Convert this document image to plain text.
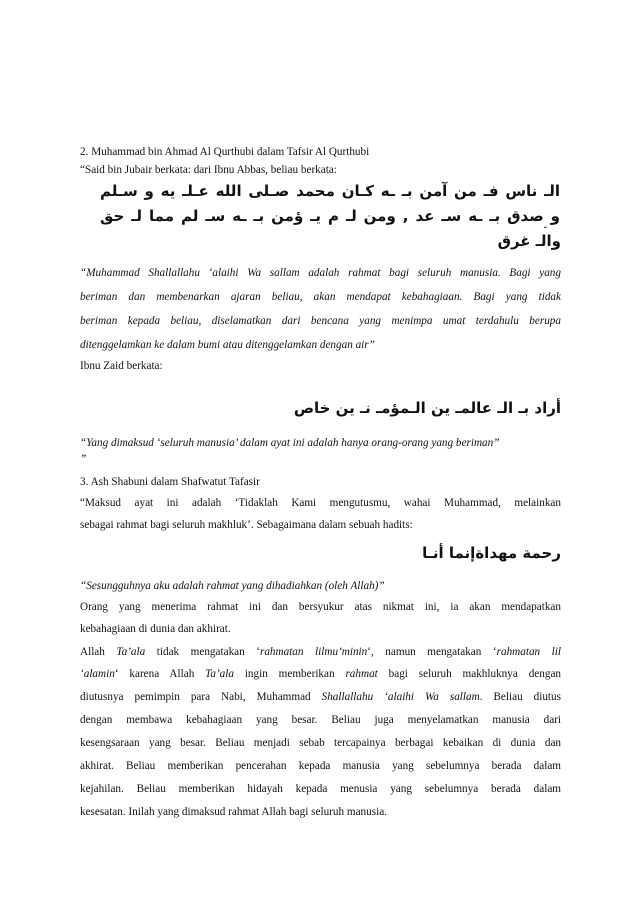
2. Muhammad bin Ahmad Al Qurthubi dalam Tafsir Al Qurthubi

“Said bin Jubair berkata: dari Ibnu Abbas, beliau berkata:

الـ ناس فـ من آمن بـ ـه كـان محمد صـلى الله عـلـ يه و سـلم
و صدق بـ ـه سـ عد , ومن لـ م يـ ؤمن بـ ـه سـ لم مما لـ حق
والـ غرق

“Muhammad Shallallahu ‘alaihi Wa sallam adalah rahmat bagi seluruh manusia. Bagi yang

beriman dan membenarkan ajaran beliau, akan mendapat kebahagiaan. Bagi yang tidak

beriman kepada beliau, diselamatkan dari bencana yang menimpa umat terdahulu berupa

ditenggelamkan ke dalam bumi atau ditenggelamkan dengan air”

Ibnu Zaid berkata:

أراد بـ الـ عالمـ ين الـمؤمـ نـ ين خاص

“Yang dimaksud ‘seluruh manusia’ dalam ayat ini adalah hanya orang-orang yang beriman”

”

3. Ash Shabuni dalam Shafwatut Tafasir

“Maksud ayat ini adalah ‘Tidaklah Kami mengutusmu, wahai Muhammad, melainkan

sebagai rahmat bagi seluruh makhluk’. Sebagaimana dalam sebuah hadits:

رحمة مهداةإنما أنـا

“Sesungguhnya aku adalah rahmat yang dihadiahkan (oleh Allah)”

Orang yang menerima rahmat ini dan bersyukur atas nikmat ini, ia akan mendapatkan

kebahagiaan di dunia dan akhirat.

Allah Ta’ala tidak mengatakan ‘rahmatan lilmu’minin‘, namun mengatakan ‘rahmatan lil

‘alamin‘ karena Allah Ta’ala ingin memberikan rahmat bagi seluruh makhluknya dengan

diutusnya pemimpin para Nabi, Muhammad Shallallahu ‘alaihi Wa sallam. Beliau diutus

dengan membawa kebahagiaan yang besar. Beliau juga menyelamatkan manusia dari

kesengsaraan yang besar. Beliau menjadi sebab tercapainya berbagai kebaikan di dunia dan

akhirat. Beliau memberikan pencerahan kepada manusia yang sebelumnya berada dalam

kejahilan. Beliau memberikan hidayah kepada menusia yang sebelumnya berada dalam

kesesatan. Inilah yang dimaksud rahmat Allah bagi seluruh manusia.
